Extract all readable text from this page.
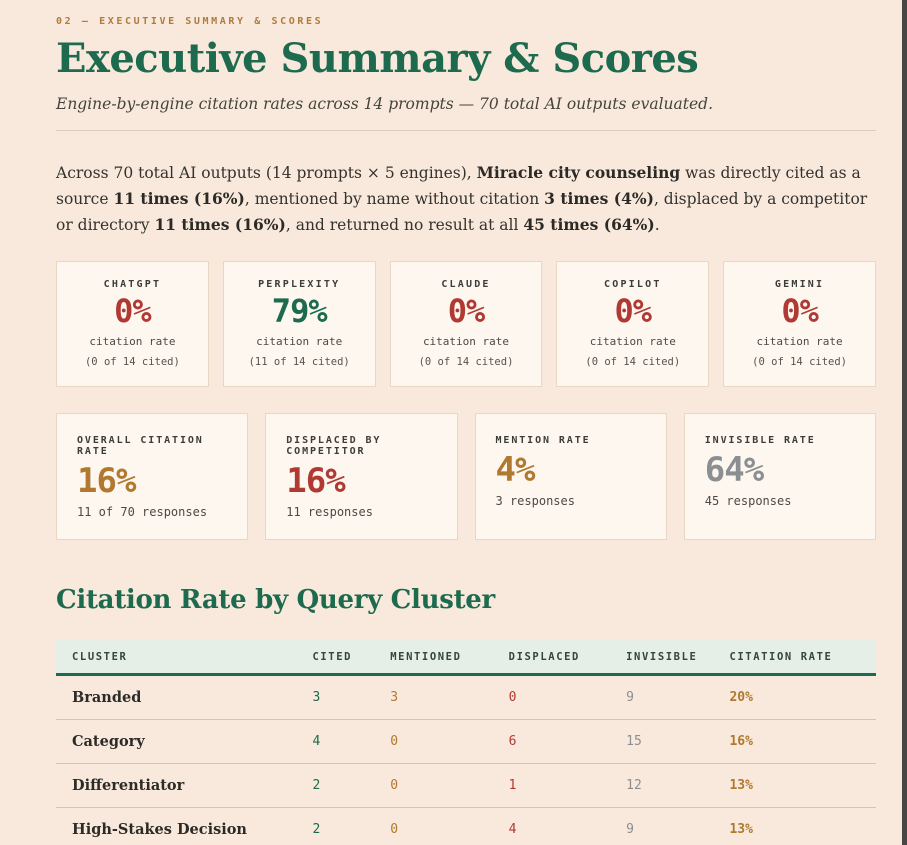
02 — EXECUTIVE SUMMARY & SCORES
Executive Summary & Scores

Engine-by-engine citation rates across 14 prompts — 70 total AI outputs evaluated.

Across 70 total AI outputs (14 prompts × 5 engines), Miracle city counseling was directly cited as a source 11 times (16%), mentioned by name without citation 3 times (4%), displaced by a competitor or directory 11 times (16%), and returned no result at all 45 times (64%).

CHATGPT
0%
citation rate
(0 of 14 cited)
PERPLEXITY
79%
citation rate
(11 of 14 cited)
CLAUDE
0%
citation rate
(0 of 14 cited)
COPILOT
0%
citation rate
(0 of 14 cited)
GEMINI
0%
citation rate
(0 of 14 cited)
OVERALL CITATION RATE
16%
11 of 70 responses
DISPLACED BY COMPETITOR
16%
11 responses
MENTION RATE
4%
3 responses
INVISIBLE RATE
64%
45 responses
Citation Rate by Query Cluster
CLUSTER	CITED	MENTIONED	DISPLACED	INVISIBLE	CITATION RATE
Branded	3	3	0	9	20%
Category	4	0	6	15	16%
Differentiator	2	0	1	12	13%
High-Stakes Decision	2	0	4	9	13%
